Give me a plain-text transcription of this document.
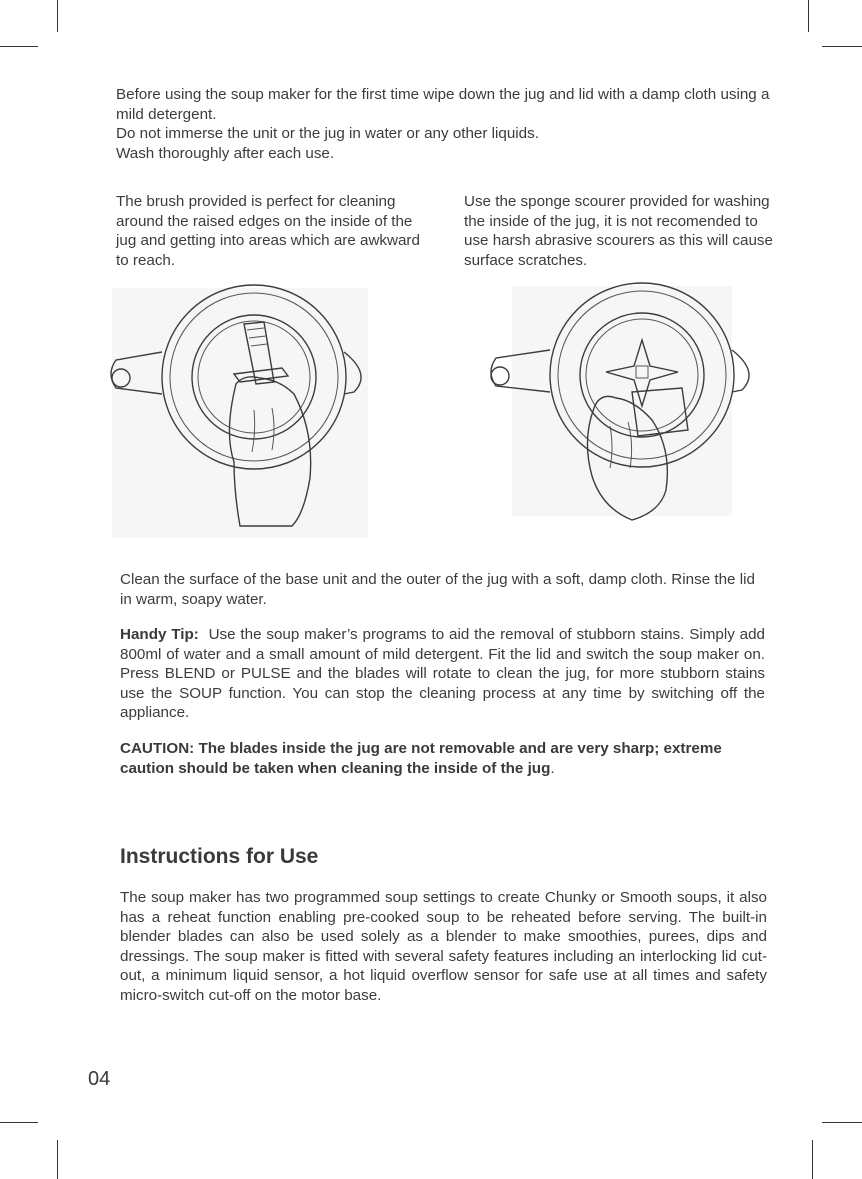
Before using the soup maker for the first time wipe down the jug and lid with a damp cloth using a mild detergent.

Do not immerse the unit or the jug in water or any other liquids.

Wash thoroughly after each use.

The brush provided is perfect for cleaning around the raised edges on the inside of the jug and getting into areas which are awkward to reach.
Use the sponge scourer provided for washing the inside of the jug, it is not recomended to use harsh abrasive scourers as this will cause surface scratches.

Clean the surface of the base unit and the outer of the jug with a soft, damp cloth. Rinse the lid in warm, soapy water.

Handy Tip: Use the soup maker’s programs to aid the removal of stubborn stains. Simply add 800ml of water and a small amount of mild detergent. Fit the lid and switch the soup maker on. Press BLEND or PULSE and the blades will rotate to clean the jug, for more stubborn stains use the SOUP function. You can stop the cleaning process at any time by switching off the appliance.
CAUTION: The blades inside the jug are not removable and are very sharp; extreme caution should be taken when cleaning the inside of the jug.
Instructions for Use
The soup maker has two programmed soup settings to create Chunky or Smooth soups, it also has a reheat function enabling pre-cooked soup to be reheated before serving. The built-in blender blades can also be used solely as a blender to make smoothies, purees, dips and dressings. The soup maker is fitted with several safety features including an interlocking lid cut-out, a minimum liquid sensor, a hot liquid overflow sensor for safe use at all times and safety micro-switch cut-off on the motor base.
04
